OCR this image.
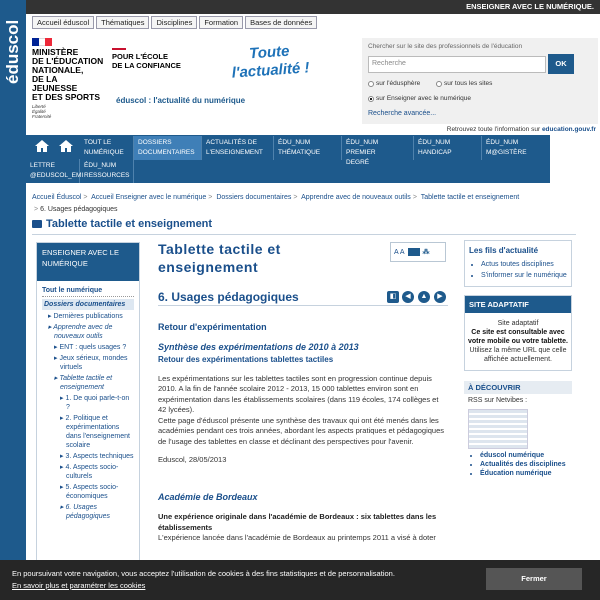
éduscol
ENSEIGNER AVEC LE NUMÉRIQUE.
Accueil éduscol	Thématiques	Disciplines	Formation	Bases de données
MINISTÈRE
DE L'ÉDUCATION
NATIONALE,
DE LA JEUNESSE
ET DES SPORTS
Liberté
Égalité
Fraternité
POUR L'ÉCOLE
DE LA CONFIANCE
Toute
l'actualité !
éduscol : l'actualité du numérique
Chercher sur le site des professionnels de l'éducation
Recherche	OK
sur l'édusphère	sur tous les sites
sur Enseigner avec le numérique
Recherche avancée...
Retrouvez toute l'information sur education.gouv.fr
TOUT LE
NUMÉRIQUE
DOSSIERS
DOCUMENTAIRES
ACTUALITÉS DE
L'ENSEIGNEMENT
ÉDU_NUM
THÉMATIQUE
ÉDU_NUM PREMIER
DEGRÉ
ÉDU_NUM
HANDICAP
ÉDU_NUM
M@GISTÈRE
LETTRE
@EDUSCOL_EMI
ÉDU_NUM
RESSOURCES
Accueil Éduscol > Accueil Enseigner avec le numérique > Dossiers documentaires > Apprendre avec de nouveaux outils > Tablette tactile et enseignement
> 6. Usages pédagogiques
Tablette tactile et enseignement
ENSEIGNER AVEC LE
NUMÉRIQUE
Tout le numérique
Dossiers documentaires
▸ Dernières publications
▸ Apprendre avec de nouveaux outils
▸ ENT : quels usages ?
▸ Jeux sérieux, mondes virtuels
▸ Tablette tactile et enseignement
▸ 1. De quoi parle-t-on ?
▸ 2. Politique et expérimentations dans l'enseignement scolaire
▸ 3. Aspects techniques
▸ 4. Aspects socio-culturels
▸ 5. Aspects socio-économiques
▸ 6. Usages pédagogiques
Tablette tactile et
enseignement
A A	⁂
6. Usages pédagogiques	◧	◀	▲	▶
Retour d'expérimentation
Synthèse des expérimentations de 2010 à 2013
Retour des expérimentations tablettes tactiles

Les expérimentations sur les tablettes tactiles sont en progression continue depuis 2010. A la fin de l'année scolaire 2012 - 2013, 15 000 tablettes environ sont en expérimentation dans les établissements scolaires (dans 119 écoles, 174 collèges et 42 lycées).
Cette page d'éduscol présente une synthèse des travaux qui ont été menés dans les académies pendant ces trois années, abordant les aspects pratiques et pédagogiques de l'usage des tablettes en classe et déclinant des perspectives pour l'avenir.

Eduscol, 28/05/2013

Académie de Bordeaux

Une expérience originale dans l'académie de Bordeaux : six tablettes dans les établissements

L'expérience lancée dans l'académie de Bordeaux au printemps 2011 a visé à doter

Les fils d'actualité
• Actus toutes disciplines
• S'informer sur le numérique
SITE ADAPTATIF
Site adaptatif
Ce site est consultable avec votre mobile ou votre tablette.
Utilisez la même URL que celle affichée actuellement.
À DÉCOUVRIR
RSS sur Netvibes :
• éduscol numérique
• Actualités des disciplines
• Éducation numérique
En poursuivant votre navigation, vous acceptez l'utilisation de cookies à des fins statistiques et de personnalisation.
En savoir plus et paramétrer les cookies
Fermer
